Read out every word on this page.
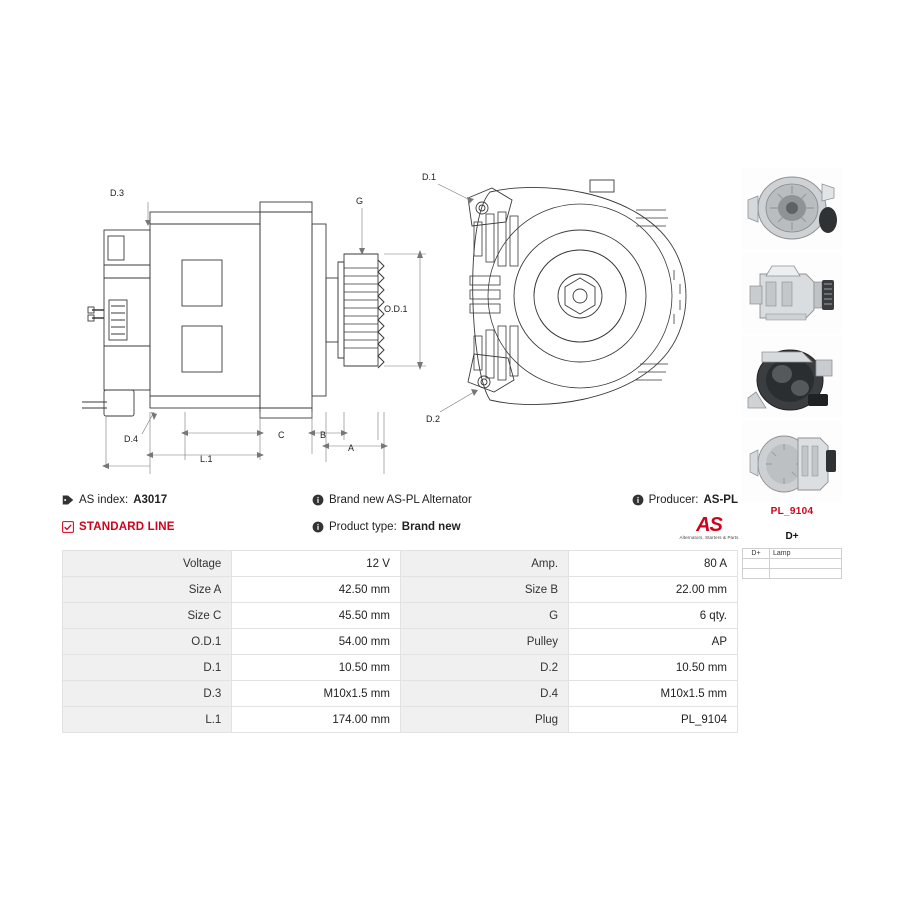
D.3
D.4
G
O.D.1
C	B
A
L.1
D.1
D.2
PL_9104
D+
D+	Lamp

AS
Alternators, Starters & Parts
AS index: A3017	Brand new AS-PL Alternator	Producer: AS-PL
STANDARD LINE	Product type: Brand new
Voltage	12 V	Amp.	80 A
Size A	42.50 mm	Size B	22.00 mm
Size C	45.50 mm	G	6 qty.
O.D.1	54.00 mm	Pulley	AP
D.1	10.50 mm	D.2	10.50 mm
D.3	M10x1.5 mm	D.4	M10x1.5 mm
L.1	174.00 mm	Plug	PL_9104
